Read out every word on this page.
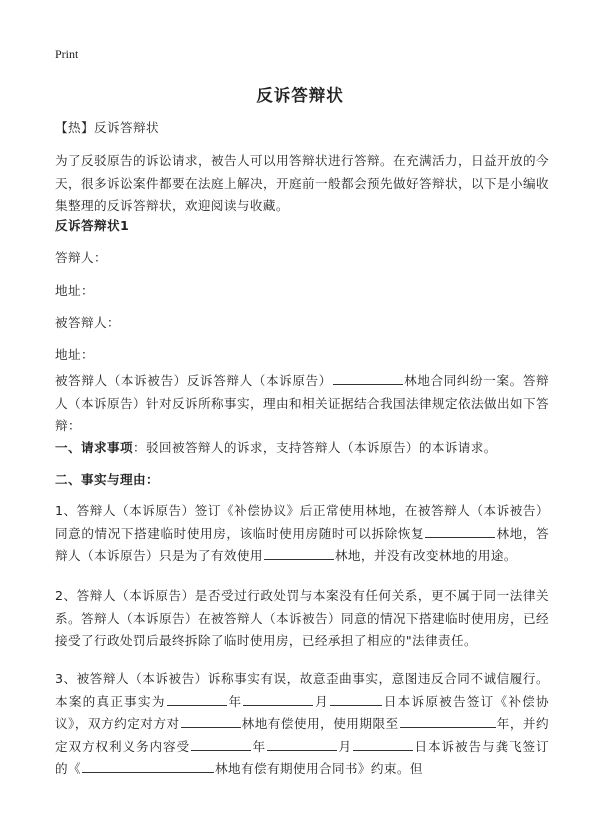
Print
反诉答辩状

【热】反诉答辩状

为了反驳原告的诉讼请求，被告人可以用答辩状进行答辩。在充满活力，日益开放的今天，很多诉讼案件都要在法庭上解决，开庭前一般都会预先做好答辩状，以下是小编收集整理的反诉答辩状，欢迎阅读与收藏。

反诉答辩状1

答辩人：

地址：

被答辩人：

地址：

被答辩人（本诉被告）反诉答辩人（本诉原告）	林地合同纠纷一案。答辩人（本诉原告）针对反诉所称事实，理由和相关证据结合我国法律规定依法做出如下答辩：

一、请求事项：驳回被答辩人的诉求，支持答辩人（本诉原告）的本诉请求。

二、事实与理由：

1、答辩人（本诉原告）签订《补偿协议》后正常使用林地，在被答辩人（本诉被告）同意的情况下搭建临时使用房，该临时使用房随时可以拆除恢复	林地，答辩人（本诉原告）只是为了有效使用	林地，并没有改变林地的用途。

2、答辩人（本诉原告）是否受过行政处罚与本案没有任何关系，更不属于同一法律关系。答辩人（本诉原告）在被答辩人（本诉被告）同意的情况下搭建临时使用房，已经接受了行政处罚后最终拆除了临时使用房，已经承担了相应的"法律责任。

3、被答辩人（本诉被告）诉称事实有误，故意歪曲事实，意图违反合同不诚信履行。本案的真正事实为	年	月	日本诉原被告签订《补偿协议》，双方约定对方对	林地有偿使用，使用期限至	年，并约定双方权利义务内容受	年	月	日本诉被告与龚飞签订的《	林地有偿有期使用合同书》约束。但
